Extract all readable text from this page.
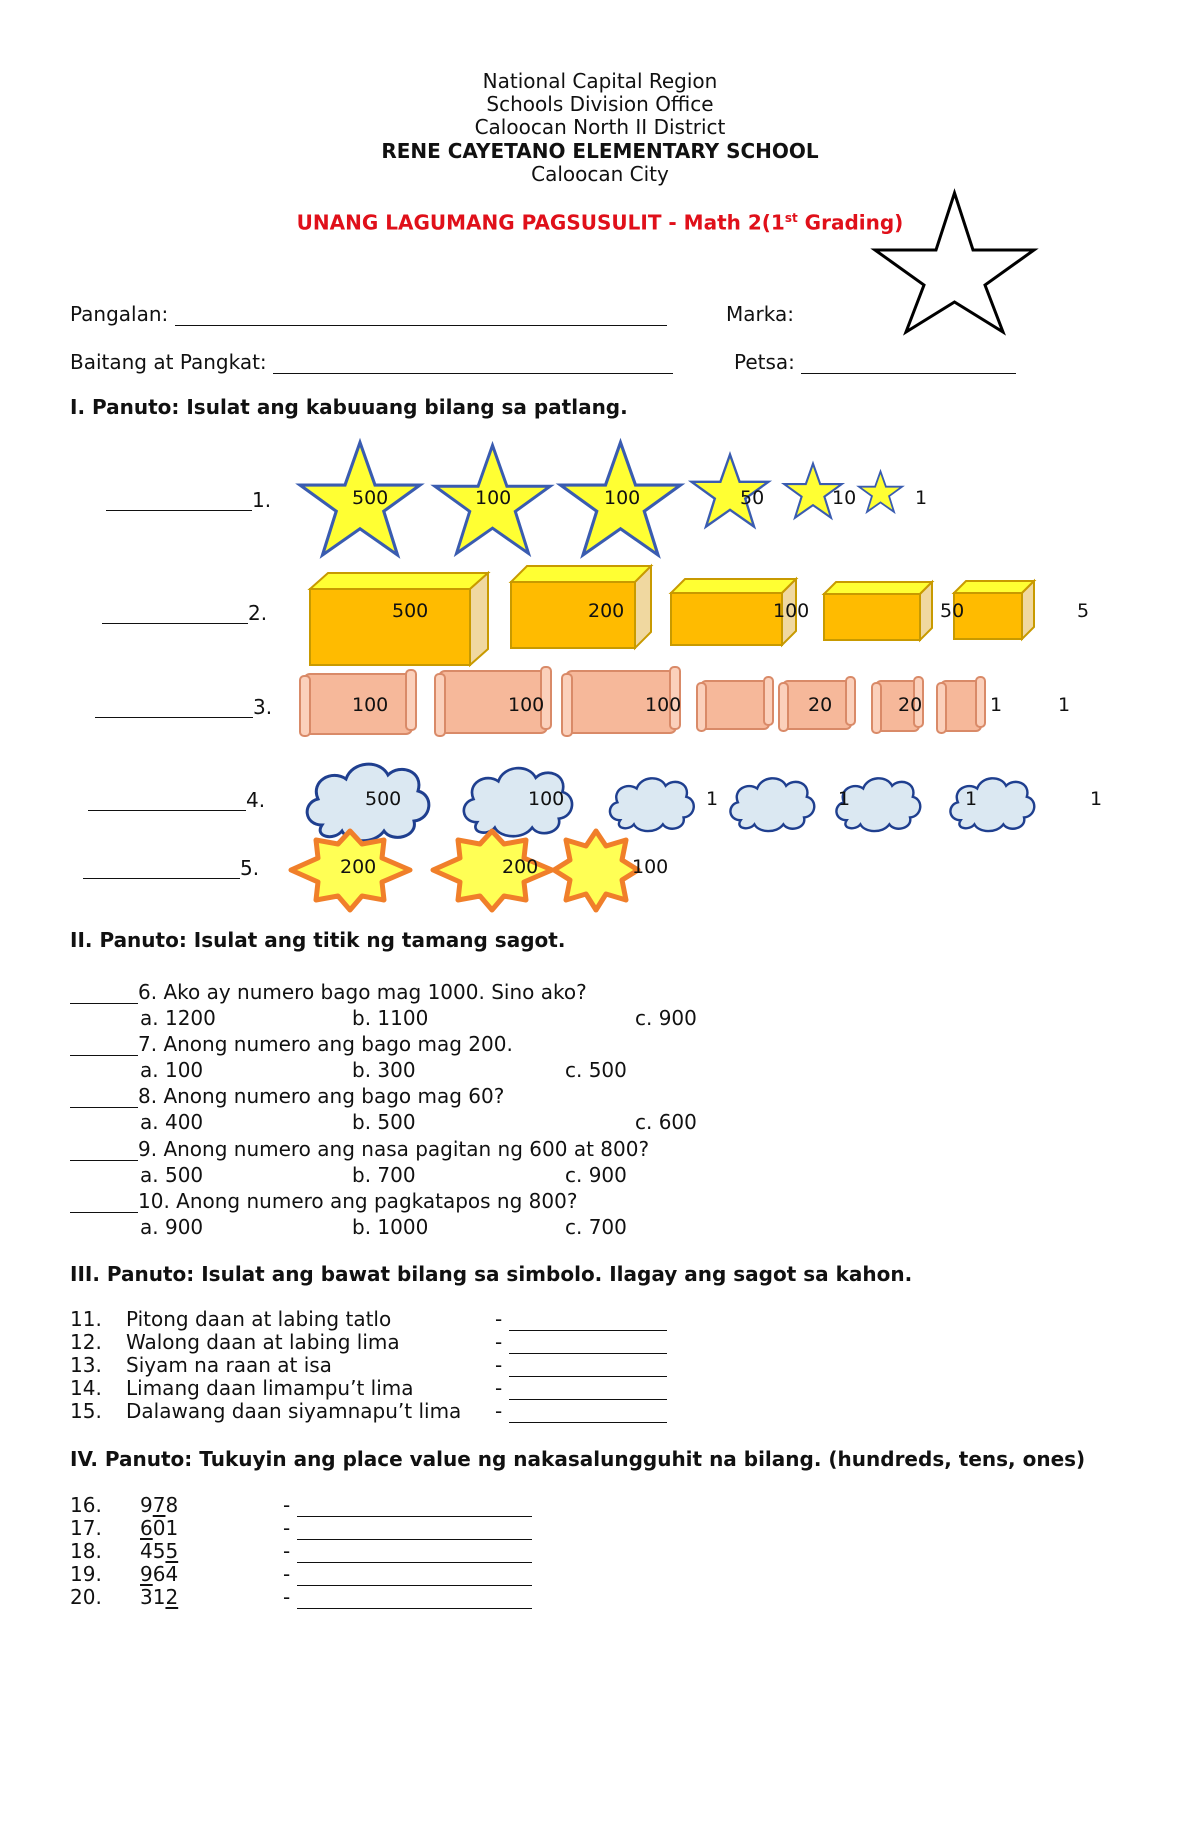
National Capital Region
Schools Division Office
Caloocan North II District
RENE CAYETANO ELEMENTARY SCHOOL
Caloocan City
UNANG LAGUMANG PAGSUSULIT - Math 2(1st Grading)
Pangalan:	Marka:
Baitang at Pangkat:	Petsa:
I. Panuto: Isulat ang kabuuang bilang sa patlang.
1.	500	100	100	50	10	1
2.	500	200	100	50	5
3.	100	100	100	20	20	1	1
4.	500	100	1	1	1	1
5.	200	200	100
II. Panuto: Isulat ang titik ng tamang sagot.
6. Ako ay numero bago mag 1000. Sino ako?
a. 1200	b. 1100	c. 900
7. Anong numero ang bago mag 200.
a. 100	b. 300	c. 500
8. Anong numero ang bago mag 60?
a. 400	b. 500	c. 600
9. Anong numero ang nasa pagitan ng 600 at 800?
a. 500	b. 700	c. 900
10. Anong numero ang pagkatapos ng 800?
a. 900	b. 1000	c. 700
III. Panuto: Isulat ang bawat bilang sa simbolo. Ilagay ang sagot sa kahon.
11. Pitong daan at labing tatlo	-
12. Walong daan at labing lima	-
13. Siyam na raan at isa	-
14. Limang daan limampu’t lima	-
15. Dalawang daan siyamnapu’t lima -
IV. Panuto: Tukuyin ang place value ng nakasalungguhit na bilang. (hundreds, tens, ones)
16. 978	-
17. 601	-
18. 455	-
19. 964	-
20. 312	-
